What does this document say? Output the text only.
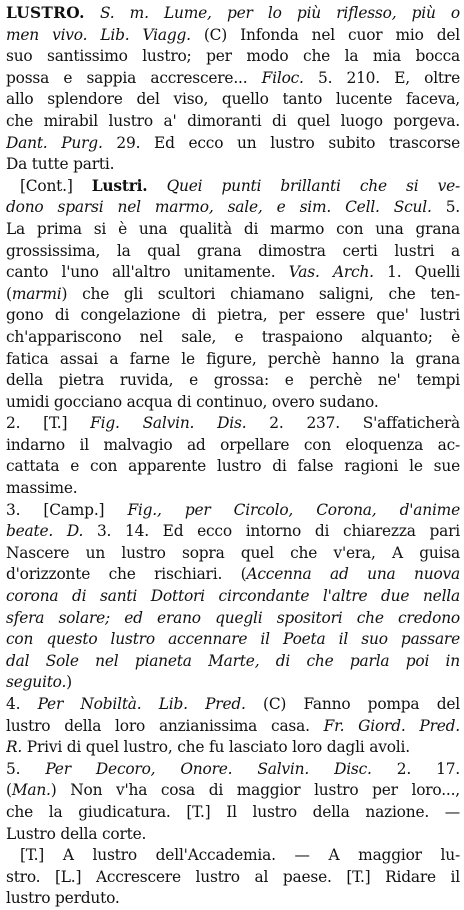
LUSTRO. S. m. Lume, per lo più riflesso, più o
men vivo. Lib. Viagg. (C) Infonda nel cuor mio del
suo santissimo lustro; per modo che la mia bocca
possa e sappia accrescere... Filoc. 5. 210. E, oltre
allo splendore del viso, quello tanto lucente faceva,
che mirabil lustro a' dimoranti di quel luogo porgeva.
Dant. Purg. 29. Ed ecco un lustro subito trascorse
Da tutte parti.
[Cont.] Lustri. Quei punti brillanti che si ve-
dono sparsi nel marmo, sale, e sim. Cell. Scul. 5.
La prima si è una qualità di marmo con una grana
grossissima, la qual grana dimostra certi lustri a
canto l'uno all'altro unitamente. Vas. Arch. 1. Quelli
(marmi) che gli scultori chiamano saligni, che ten-
gono di congelazione di pietra, per essere que' lustri
ch'appariscono nel sale, e traspaiono alquanto; è
fatica assai a farne le figure, perchè hanno la grana
della pietra ruvida, e grossa: e perchè ne' tempi
umidi gocciano acqua di continuo, overo sudano.
2. [T.] Fig. Salvin. Dis. 2. 237. S'affaticherà
indarno il malvagio ad orpellare con eloquenza ac-
cattata e con apparente lustro di false ragioni le sue
massime.
3. [Camp.] Fig., per Circolo, Corona, d'anime
beate. D. 3. 14. Ed ecco intorno di chiarezza pari
Nascere un lustro sopra quel che v'era, A guisa
d'orizzonte che rischiari. (Accenna ad una nuova
corona di santi Dottori circondante l'altre due nella
sfera solare; ed erano quegli spositori che credono
con questo lustro accennare il Poeta il suo passare
dal Sole nel pianeta Marte, di che parla poi in
seguito.)
4. Per Nobiltà. Lib. Pred. (C) Fanno pompa del
lustro della loro anzianissima casa. Fr. Giord. Pred.
R. Privi di quel lustro, che fu lasciato loro dagli avoli.
5. Per Decoro, Onore. Salvin. Disc. 2. 17.
(Man.) Non v'ha cosa di maggior lustro per loro...,
che la giudicatura. [T.] Il lustro della nazione. —
Lustro della corte.
[T.] A lustro dell'Accademia. — A maggior lu-
stro. [L.] Accrescere lustro al paese. [T.] Ridare il
lustro perduto.
